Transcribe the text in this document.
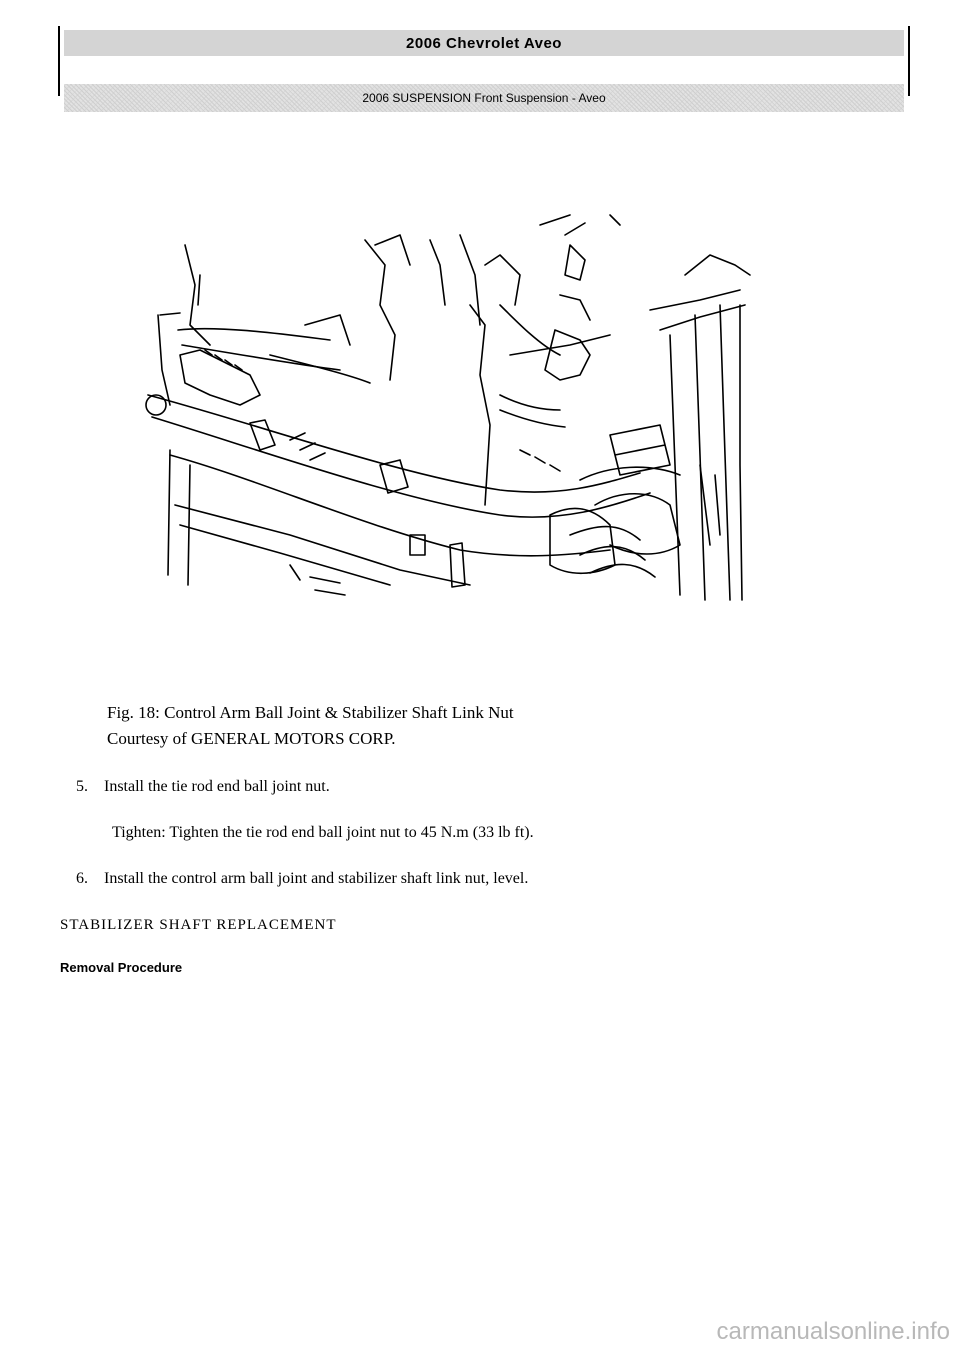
2006 Chevrolet Aveo
2006 SUSPENSION Front Suspension - Aveo
Fig. 18: Control Arm Ball Joint & Stabilizer Shaft Link Nut
Courtesy of GENERAL MOTORS CORP.
5. Install the tie rod end ball joint nut.
Tighten: Tighten the tie rod end ball joint nut to 45 N.m (33 lb ft).
6. Install the control arm ball joint and stabilizer shaft link nut, level.
STABILIZER SHAFT REPLACEMENT
Removal Procedure
carmanualsonline.info
